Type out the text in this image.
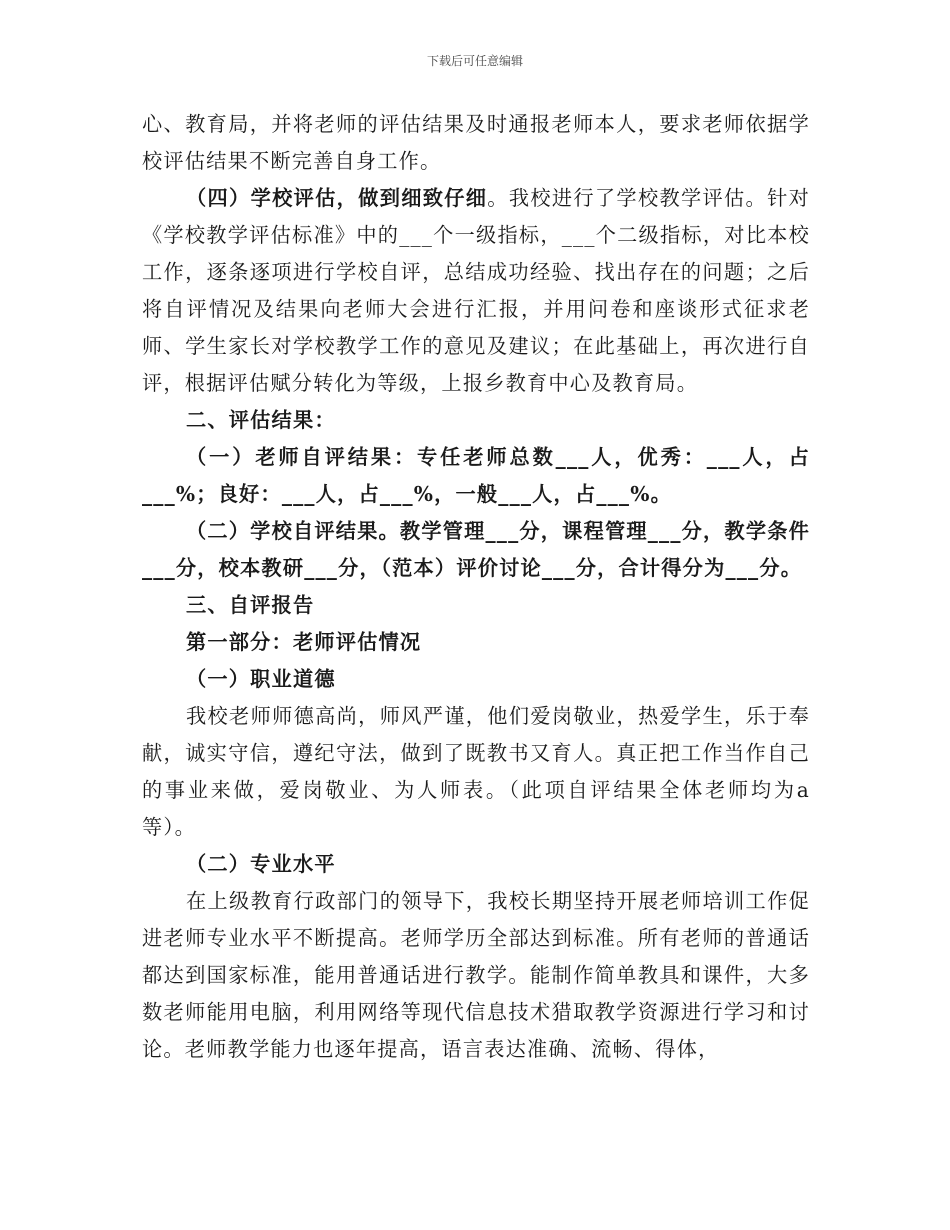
下载后可任意编辑

心、教育局，并将老师的评估结果及时通报老师本人，要求老师依据学校评估结果不断完善自身工作。

（四）学校评估，做到细致仔细。我校进行了学校教学评估。针对《学校教学评估标准》中的___个一级指标，___个二级指标，对比本校工作，逐条逐项进行学校自评，总结成功经验、找出存在的问题；之后将自评情况及结果向老师大会进行汇报，并用问卷和座谈形式征求老师、学生家长对学校教学工作的意见及建议；在此基础上，再次进行自评，根据评估赋分转化为等级，上报乡教育中心及教育局。

二、评估结果：

（一）老师自评结果：专任老师总数___人，优秀：___人，占___%；良好：___人，占___%，一般___人，占___%。

（二）学校自评结果。教学管理___分，课程管理___分，教学条件___分，校本教研___分，（范本）评价讨论___分，合计得分为___分。

三、自评报告

第一部分：老师评估情况

（一）职业道德

我校老师师德高尚，师风严谨，他们爱岗敬业，热爱学生，乐于奉献，诚实守信，遵纪守法，做到了既教书又育人。真正把工作当作自己的事业来做，爱岗敬业、为人师表。（此项自评结果全体老师均为a等）。

（二）专业水平

在上级教育行政部门的领导下，我校长期坚持开展老师培训工作促进老师专业水平不断提高。老师学历全部达到标准。所有老师的普通话都达到国家标准，能用普通话进行教学。能制作简单教具和课件，大多数老师能用电脑，利用网络等现代信息技术猎取教学资源进行学习和讨论。老师教学能力也逐年提高，语言表达准确、流畅、得体，
